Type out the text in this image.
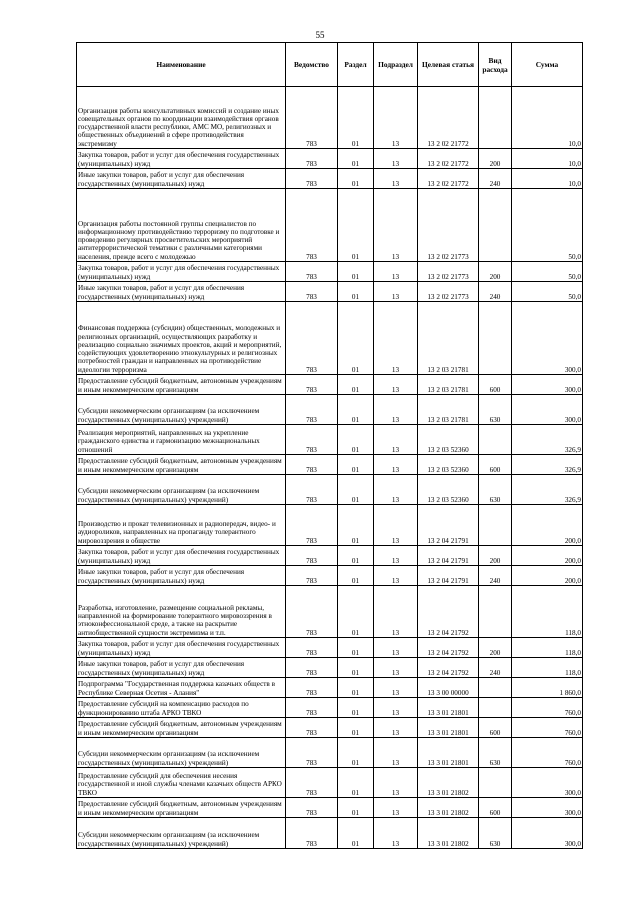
55
Наименование	Ведомство	Раздел	Подраздел	Целевая статья	Вид расхода	Сумма
Организация работы консультативных комиссий и создание иных совещательных органов по координации взаимодействия органов государственной власти республики, АМС МО, религиозных и общественных объединений в сфере противодействия экстремизму	783	01	13	13 2 02 21772		10,0
Закупка товаров, работ и услуг для обеспечения государственных (муниципальных) нужд	783	01	13	13 2 02 21772	200	10,0
Иные закупки товаров, работ и услуг для обеспечения государственных (муниципальных) нужд	783	01	13	13 2 02 21772	240	10,0
Организация работы постоянной группы специалистов по информационному противодействию терроризму по подготовке и проведению регулярных просветительских мероприятий антитеррористической тематики с различными категориями населения, прежде всего с молодежью	783	01	13	13 2 02 21773		50,0
Закупка товаров, работ и услуг для обеспечения государственных (муниципальных) нужд	783	01	13	13 2 02 21773	200	50,0
Иные закупки товаров, работ и услуг для обеспечения государственных (муниципальных) нужд	783	01	13	13 2 02 21773	240	50,0
Финансовая поддержка (субсидии) общественных, молодежных и религиозных организаций, осуществляющих разработку и реализацию социально значимых проектов, акций и мероприятий, содействующих удовлетворению этнокультурных и религиозных потребностей граждан и направленных на противодействие идеологии терроризма	783	01	13	13 2 03 21781		300,0
Предоставление субсидий бюджетным, автономным учреждениям и иным некоммерческим организациям	783	01	13	13 2 03 21781	600	300,0
Субсидии некоммерческим организациям (за исключением государственных (муниципальных) учреждений)	783	01	13	13 2 03 21781	630	300,0
Реализация мероприятий, направленных на укрепление гражданского единства и гармонизацию межнациональных отношений	783	01	13	13 2 03 52360		326,9
Предоставление субсидий бюджетным, автономным учреждениям и иным некоммерческим организациям	783	01	13	13 2 03 52360	600	326,9
Субсидии некоммерческим организациям (за исключением государственных (муниципальных) учреждений)	783	01	13	13 2 03 52360	630	326,9
Производство и прокат телевизионных и радиопередач, видео- и аудиороликов, направленных на пропаганду толерантного мировоззрения в обществе	783	01	13	13 2 04 21791		200,0
Закупка товаров, работ и услуг для обеспечения государственных (муниципальных) нужд	783	01	13	13 2 04 21791	200	200,0
Иные закупки товаров, работ и услуг для обеспечения государственных (муниципальных) нужд	783	01	13	13 2 04 21791	240	200,0
Разработка, изготовление, размещение социальной рекламы, направленной на формирование толерантного мировоззрения в этноконфессиональной среде, а также на раскрытие антиобщественной сущности экстремизма и т.п.	783	01	13	13 2 04 21792		118,0
Закупка товаров, работ и услуг для обеспечения государственных (муниципальных) нужд	783	01	13	13 2 04 21792	200	118,0
Иные закупки товаров, работ и услуг для обеспечения государственных (муниципальных) нужд	783	01	13	13 2 04 21792	240	118,0
Подпрограмма "Государственная поддержка казачьих обществ в Республике Северная Осетия - Алания"	783	01	13	13 3 00 00000		1 860,0
Предоставление субсидий на компенсацию расходов по функционированию штаба АРКО ТВКО	783	01	13	13 3 01 21801		760,0
Предоставление субсидий бюджетным, автономным учреждениям и иным некоммерческим организациям	783	01	13	13 3 01 21801	600	760,0
Субсидии некоммерческим организациям (за исключением государственных (муниципальных) учреждений)	783	01	13	13 3 01 21801	630	760,0
Предоставление субсидий для обеспечения несения государственной и иной службы членами казачьих обществ АРКО ТВКО	783	01	13	13 3 01 21802		300,0
Предоставление субсидий бюджетным, автономным учреждениям и иным некоммерческим организациям	783	01	13	13 3 01 21802	600	300,0
Субсидии некоммерческим организациям (за исключением государственных (муниципальных) учреждений)	783	01	13	13 3 01 21802	630	300,0
